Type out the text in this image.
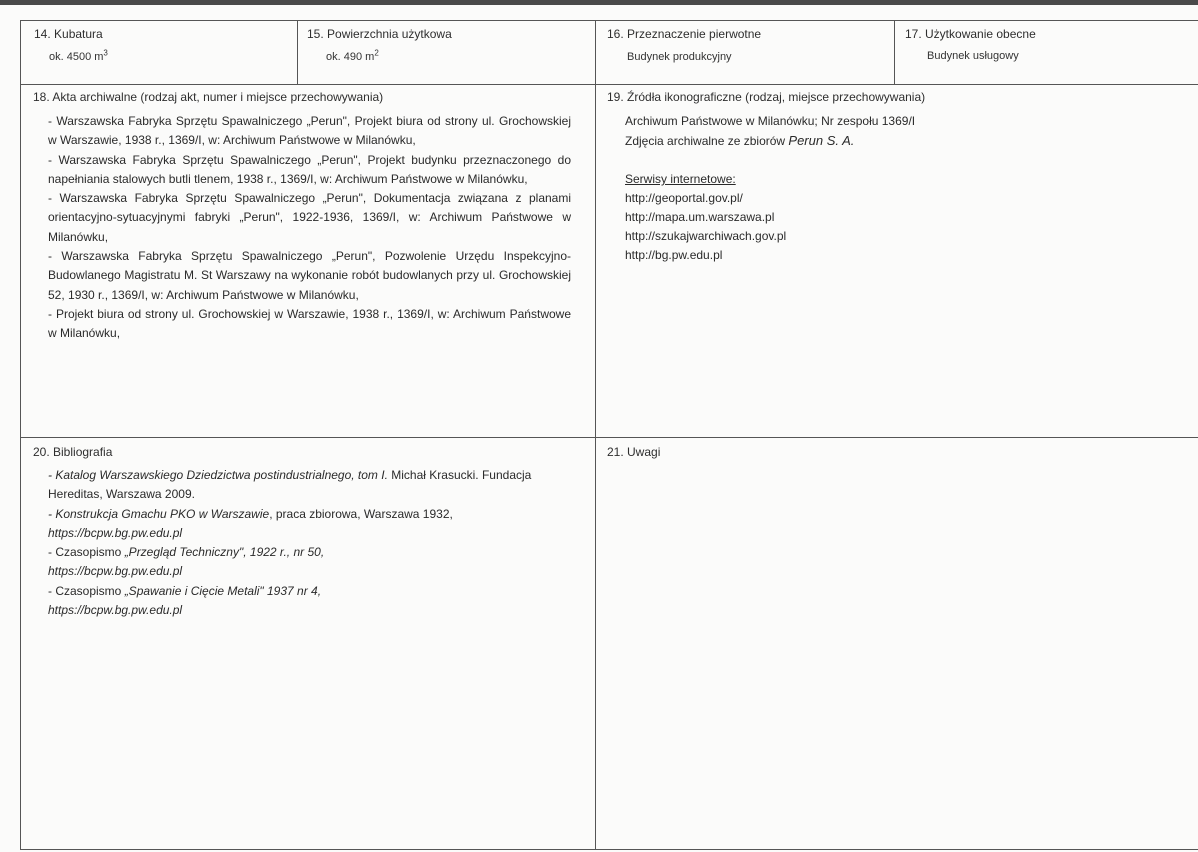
14. Kubatura
ok. 4500 $m^3$
15. Powierzchnia użytkowa
ok. 490 $m^2$
16. Przeznaczenie pierwotne
Budynek produkcyjny
17. Użytkowanie obecne
Budynek usługowy
18. Akta archiwalne (rodzaj akt, numer i miejsce przechowywania)

- Warszawska Fabryka Sprzętu Spawalniczego „Perun", Projekt biura od strony ul. Grochowskiej w Warszawie, 1938 r., 1369/I, w: Archiwum Państwowe w Milanówku,

- Warszawska Fabryka Sprzętu Spawalniczego „Perun", Projekt budynku przeznaczonego do napełniania stalowych butli tlenem, 1938 r., 1369/I, w: Archiwum Państwowe w Milanówku,

- Warszawska Fabryka Sprzętu Spawalniczego „Perun", Dokumentacja związana z planami orientacyjno-sytuacyjnymi fabryki „Perun", 1922-1936, 1369/I, w: Archiwum Państwowe w Milanówku,

- Warszawska Fabryka Sprzętu Spawalniczego „Perun", Pozwolenie Urzędu Inspekcyjno-Budowlanego Magistratu M. St Warszawy na wykonanie robót budowlanych przy ul. Grochowskiej 52, 1930 r., 1369/I, w: Archiwum Państwowe w Milanówku,

- Projekt biura od strony ul. Grochowskiej w Warszawie, 1938 r., 1369/I, w: Archiwum Państwowe w Milanówku,

19. Źródła ikonograficzne (rodzaj, miejsce przechowywania)

Archiwum Państwowe w Milanówku; Nr zespołu 1369/I

Zdjęcia archiwalne ze zbiorów Perun S. A.

Serwisy internetowe:

http://geoportal.gov.pl/

http://mapa.um.warszawa.pl

http://szukajwarchiwach.gov.pl

http://bg.pw.edu.pl

20. Bibliografia

- Katalog Warszawskiego Dziedzictwa postindustrialnego, tom I. Michał Krasucki. Fundacja Hereditas, Warszawa 2009.

- Konstrukcja Gmachu PKO w Warszawie, praca zbiorowa, Warszawa 1932,

https://bcpw.bg.pw.edu.pl

- Czasopismo „Przegląd Techniczny", 1922 r., nr 50,

https://bcpw.bg.pw.edu.pl

- Czasopismo „Spawanie i Cięcie Metali" 1937 nr 4,

https://bcpw.bg.pw.edu.pl

21. Uwagi
